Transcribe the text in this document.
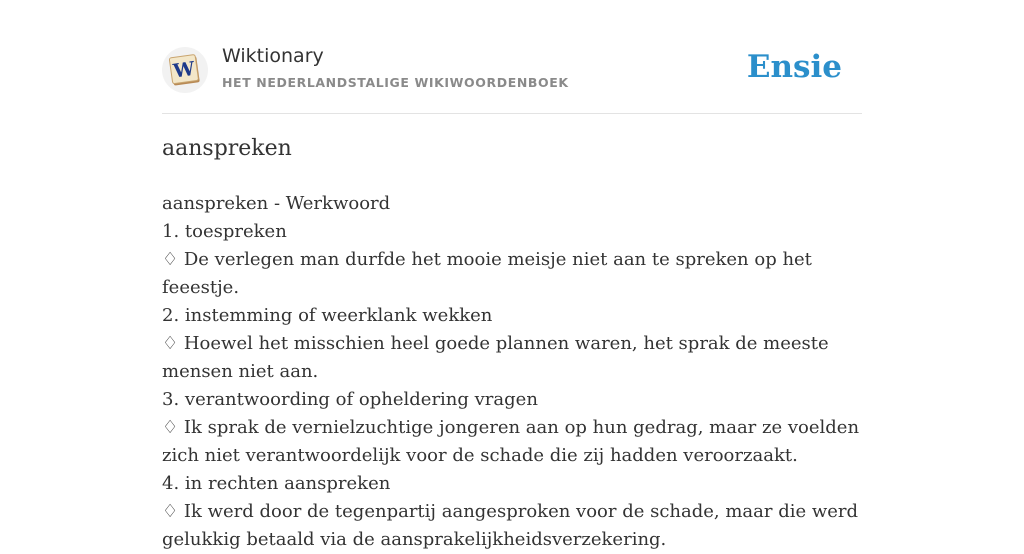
W
Wiktionary
HET NEDERLANDSTALIGE WIKIWOORDENBOEK	Ensie
aanspreken

aanspreken - Werkwoord

1. toespreken

♢ De verlegen man durfde het mooie meisje niet aan te spreken op het feeestje.

2. instemming of weerklank wekken

♢ Hoewel het misschien heel goede plannen waren, het sprak de meeste mensen niet aan.

3. verantwoording of opheldering vragen

♢ Ik sprak de vernielzuchtige jongeren aan op hun gedrag, maar ze voelden zich niet verantwoordelijk voor de schade die zij hadden veroorzaakt.

4. in rechten aanspreken

♢ Ik werd door de tegenpartij aangesproken voor de schade, maar die werd gelukkig betaald via de aansprakelijkheidsverzekering.
